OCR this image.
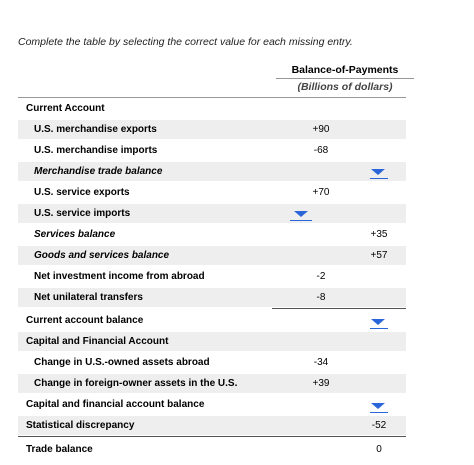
Complete the table by selecting the correct value for each missing entry.
Balance-of-Payments
(Billions of dollars)
Current Account
U.S. merchandise exports	+90
U.S. merchandise imports	-68
Merchandise trade balance
U.S. service exports	+70
U.S. service imports
Services balance	+35
Goods and services balance	+57
Net investment income from abroad	-2
Net unilateral transfers	-8
Current account balance
Capital and Financial Account
Change in U.S.-owned assets abroad	-34
Change in foreign-owner assets in the U.S.	+39
Capital and financial account balance
Statistical discrepancy	-52
Trade balance	0
